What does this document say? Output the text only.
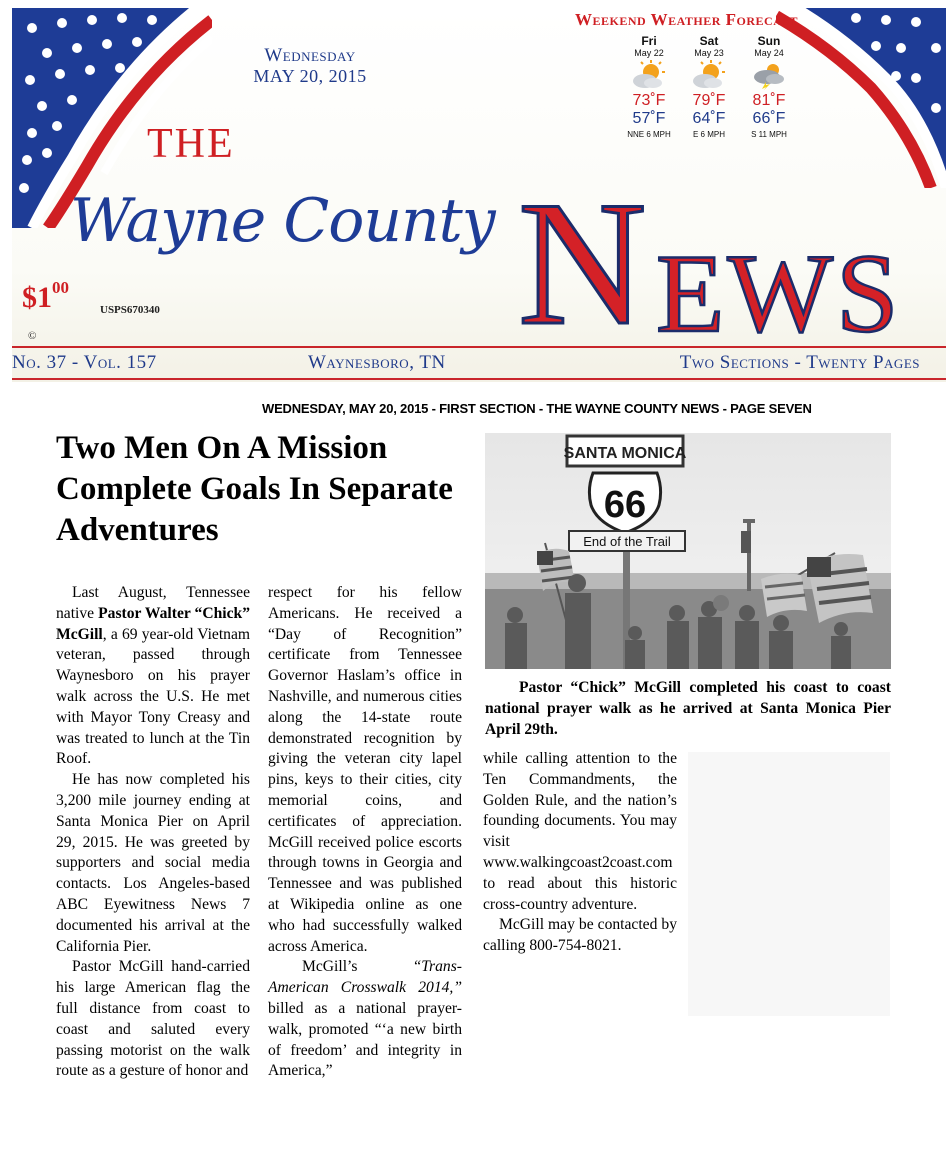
Wednesday
MAY 20, 2015
THE
Wayne County N EWS
$\$1^{00}$
USPS670340
©
Weekend Weather Forecast
Fri
May 22
73˚F
57˚F
NNE 6 MPH
Sat
May 23
79˚F
64˚F
E 6 MPH
Sun
May 24
81˚F
66˚F
S 11 MPH
No. 37 - Vol. 157	Waynesboro, TN	Two Sections - Twenty Pages
WEDNESDAY, MAY 20, 2015 - FIRST SECTION - THE WAYNE COUNTY NEWS - PAGE SEVEN
Two Men On A Mission Complete Goals In Separate Adventures

Last August, Tennessee native Pastor Walter “Chick” McGill, a 69 year-old Vietnam veteran, passed through Waynesboro on his prayer walk across the U.S. He met with Mayor Tony Creasy and was treated to lunch at the Tin Roof.

He has now completed his 3,200 mile journey ending at Santa Monica Pier on April 29, 2015. He was greeted by supporters and social media contacts. Los Angeles-based ABC Eyewitness News 7 documented his arrival at the California Pier.

Pastor McGill hand-carried his large American flag the full distance from coast to coast and saluted every passing motorist on the walk route as a gesture of honor and

respect for his fellow Americans. He received a “Day of Recognition” certificate from Tennessee Governor Haslam’s office in Nashville, and numerous cities along the 14-state route demonstrated recognition by giving the veteran city lapel pins, keys to their cities, city memorial coins, and certificates of appreciation. McGill received police escorts through towns in Georgia and Tennessee and was published at Wikipedia online as one who had successfully walked across America.

McGill’s “Trans-American Crosswalk 2014,” billed as a national prayer-walk, promoted “‘a new birth of freedom’ and integrity in America,”

SANTA MONICA
66
End of the Trail
Pastor “Chick” McGill completed his coast to coast national prayer walk as he arrived at Santa Monica Pier April 29th.

while calling attention to the Ten Commandments, the Golden Rule, and the nation’s founding documents. You may visit www.walkingcoast2coast.com to read about this historic cross-country adventure.

McGill may be contacted by calling 800-754-8021.
